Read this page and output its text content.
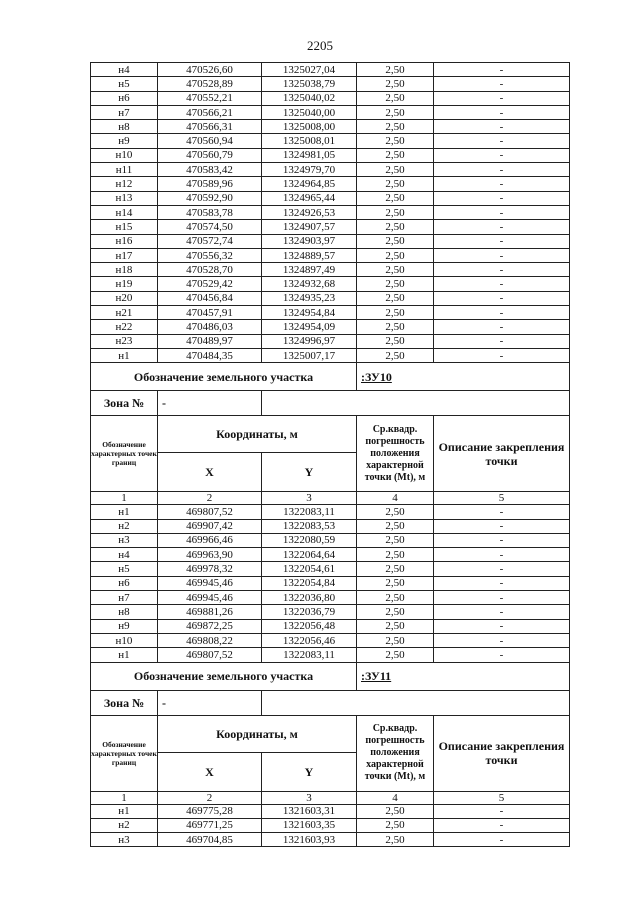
2205
н4	470526,60	1325027,04	2,50	-
н5	470528,89	1325038,79	2,50	-
н6	470552,21	1325040,02	2,50	-
н7	470566,21	1325040,00	2,50	-
н8	470566,31	1325008,00	2,50	-
н9	470560,94	1325008,01	2,50	-
н10	470560,79	1324981,05	2,50	-
н11	470583,42	1324979,70	2,50	-
н12	470589,96	1324964,85	2,50	-
н13	470592,90	1324965,44	2,50	-
н14	470583,78	1324926,53	2,50	-
н15	470574,50	1324907,57	2,50	-
н16	470572,74	1324903,97	2,50	-
н17	470556,32	1324889,57	2,50	-
н18	470528,70	1324897,49	2,50	-
н19	470529,42	1324932,68	2,50	-
н20	470456,84	1324935,23	2,50	-
н21	470457,91	1324954,84	2,50	-
н22	470486,03	1324954,09	2,50	-
н23	470489,97	1324996,97	2,50	-
н1	470484,35	1325007,17	2,50	-
Обозначение земельного участка			:ЗУ10	
Зона №	-			
Обозначение характерных точек границ	Координаты, м		Ср.квадр. погрешность положения характерной точки (Mt), м	Описание закрепления точки
	X	Y		
1	2	3	4	5
н1	469807,52	1322083,11	2,50	-
н2	469907,42	1322083,53	2,50	-
н3	469966,46	1322080,59	2,50	-
н4	469963,90	1322064,64	2,50	-
н5	469978,32	1322054,61	2,50	-
н6	469945,46	1322054,84	2,50	-
н7	469945,46	1322036,80	2,50	-
н8	469881,26	1322036,79	2,50	-
н9	469872,25	1322056,48	2,50	-
н10	469808,22	1322056,46	2,50	-
н1	469807,52	1322083,11	2,50	-
Обозначение земельного участка			:ЗУ11	
Зона №	-			
Обозначение характерных точек границ	Координаты, м		Ср.квадр. погрешность положения характерной точки (Mt), м	Описание закрепления точки
	X	Y		
1	2	3	4	5
н1	469775,28	1321603,31	2,50	-
н2	469771,25	1321603,35	2,50	-
н3	469704,85	1321603,93	2,50	-
